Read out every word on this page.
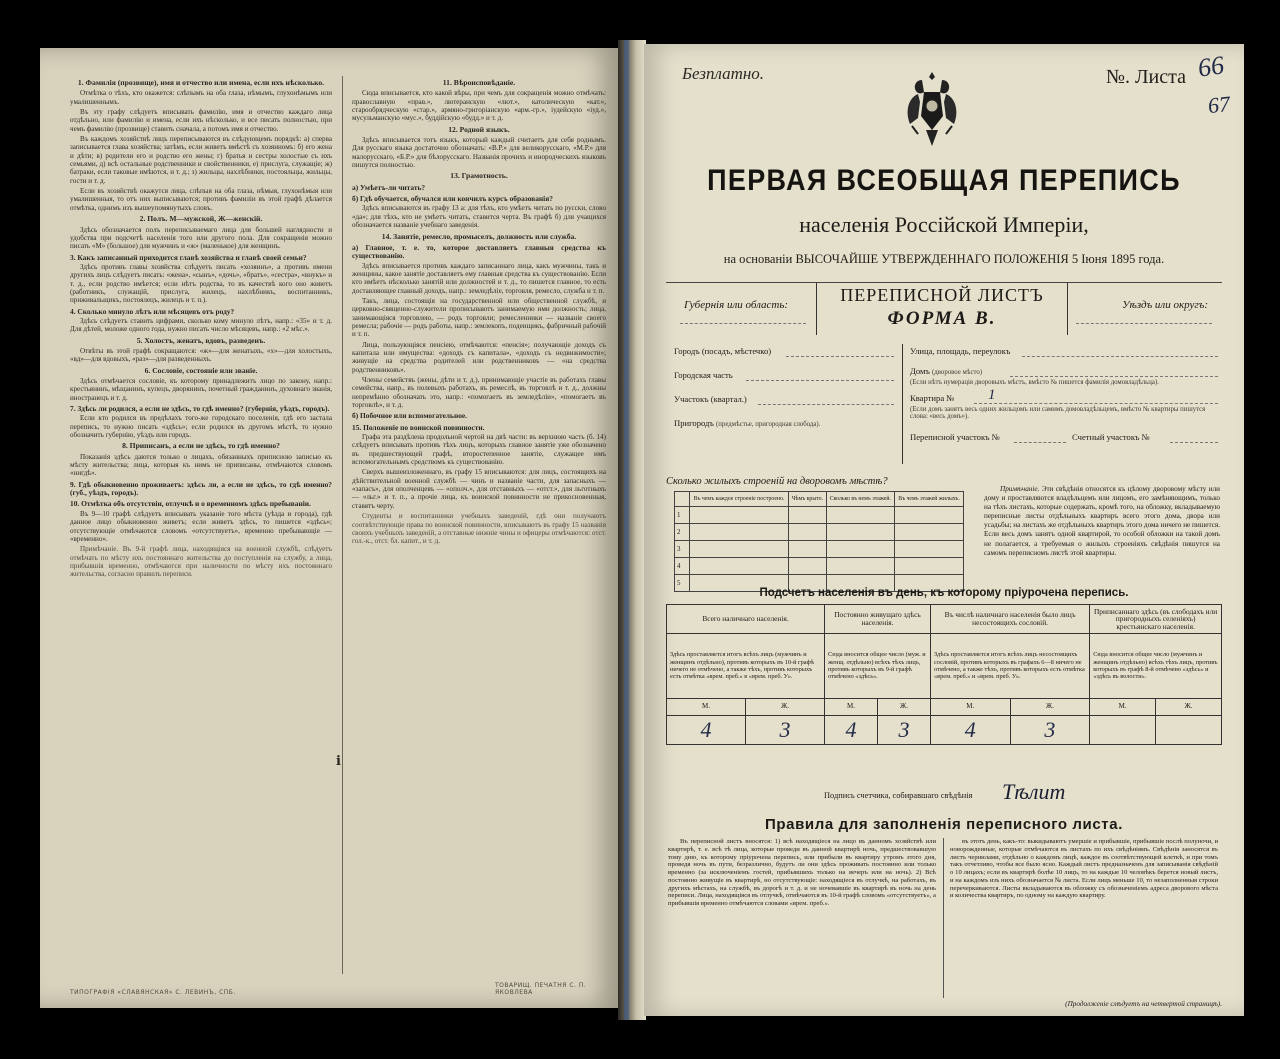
1. Фамилія (прозвище), имя и отчество или имена, если ихъ нѣсколько.

Отмѣтка о тѣхъ, кто окажется: слѣпымъ на оба глаза, нѣмымъ, глухонѣмымъ или умалишеннымъ.

Въ эту графу слѣдуетъ вписывать фамилію, имя и отчество каждаго лица отдѣльно, или фамилію и имена, если ихъ нѣсколько, и все писать полностью, при чемъ фамилію (прозвище) ставить сначала, а потомъ имя и отчество.

Въ каждомъ хозяйствѣ лицъ переписываются въ слѣдующемъ порядкѣ: а) сперва записывается глава хозяйства; затѣмъ, если живетъ вмѣстѣ съ хозяиномъ: б) его жена и дѣти; в) родители его и родство его жены; г) братья и сестры холостые съ ихъ семьями, д) всѣ остальные родственники и свойственники, е) прислуга, служащіе; ж) батраки, если таковые имѣются, и т. д.; з) жильцы, нахлѣбники, постояльцы, жильцы, гости и т. д.

Если въ хозяйствѣ окажутся лица, слѣпыя на оба глаза, нѣмыя, глухонѣмыя или умалишенныя, то отъ них выписываются; противъ фамиліи въ этой графѣ дѣлается отмѣтка, однимъ изъ вышеупомянутыхъ словъ.

2. Полъ. М—мужской, Ж—женскій.

Здѣсь обозначается полъ переписываемаго лица для большей наглядности и удобства при подсчетѣ населенія того или другого пола. Для сокращенія можно писать «М» (большое) для мужчинъ и «ж» (маленькое) для женщинъ.

3. Какъ записанный приходится главѣ хозяйства и главѣ своей семьи?

Здѣсь противъ главы хозяйства слѣдуетъ писать «хозяинъ», а противъ имени другихъ лицъ слѣдуетъ писать: «жена», «сынъ», «дочь», «братъ», «сестра», «внукъ» и т. д., если родство имѣется; если нѣтъ родства, то въ качествѣ кого оно живетъ (работникъ, служащій, прислуга, жилецъ, нахлѣбникъ, воспитанникъ, приживальщикъ, постоялецъ, жилецъ и т. п.).

4. Сколько минуло лѣтъ или мѣсяцевъ отъ роду?

Здѣсь слѣдуетъ ставить цифрами, сколько кому минуло лѣтъ, напр.: «35» и т. д. Для дѣтей, моложе одного года, нужно писать число мѣсяцевъ, напр.: «2 мѣс.».

5. Холостъ, женатъ, вдовъ, разведенъ.

Отвѣты въ этой графѣ сокращаются: «ж»—для женатыхъ, «х»—для холостыхъ, «вд»—для вдовыхъ, «раз»—для разведенныхъ.

6. Сословіе, состояніе или званіе.

Здѣсь отмѣчается сословіе, къ которому принадлежитъ лицо по закону, напр.: крестьянинъ, мѣщанинъ, купецъ, дворянинъ, почетный гражданинъ, духовнаго званія, иностранецъ и т. д.

7. Здѣсь ли родился, а если не здѣсь, то гдѣ именно? (губернія, уѣздъ, городъ).

Если кто родился въ предѣлахъ того-же городскаго поселенія, гдѣ его застала перепись, то нужно писать «здѣсь»; если родился въ другомъ мѣстѣ, то нужно обозначить губернію, уѣздъ или городъ.

8. Приписанъ, а если не здѣсь, то гдѣ именно?

Показанія здѣсь даются только о лицахъ, обязанныхъ приписною записью къ мѣсту жительства; лица, которыя къ нимъ не приписаны, отмѣчаются словомъ «нигдѣ».

9. Гдѣ обыкновенно проживаетъ: здѣсь ли, а если не здѣсь, то гдѣ именно? (губ., уѣздъ, городъ).
10. Отмѣтка объ отсутствіи, отлучкѣ и о временномъ здѣсь пребываніи.

Въ 9—10 графѣ слѣдуетъ вписывать указаніе того мѣста (уѣзда и города), гдѣ данное лицо обыкновенно живетъ; если живетъ здѣсь, то пишется «здѣсь»; отсутствующіе отмѣчаются словомъ «отсутствуетъ», временно пребывающіе — «временно».

Примѣчаніе. Въ 9-й графѣ лица, находящіяся на военной службѣ, слѣдуетъ отмѣчать по мѣсту ихъ постояннаго жительства до поступленія на службу, а лица, прибывшія временно, отмѣчаются при наличности по мѣсту ихъ постояннаго жительства, согласно правилъ переписи.

11. Вѣроисповѣданіе.

Сюда вписывается, кто какой вѣры, при чемъ для сокращенія можно отмѣчать: православную «прав.», лютеранскую «лют.», католическую «кат.», старообрядческую «стар.», армяно-григоріанскую «арм.-гр.», іудейскую «іуд.», мусульманскую «мус.», буддійскую «будд.» и т. д.

12. Родной языкъ.

Здѣсь вписывается тотъ языкъ, который каждый считаетъ для себя роднымъ. Для русскаго языка достаточно обозначать: «В.Р.» для великорусскаго, «М.Р.» для малорусскаго, «Б.Р.» для бѣлорусскаго. Названія прочихъ и инородческихъ языковъ пишутся полностью.

13. Грамотность.
а) Умѣетъ-ли читать?
б) Гдѣ обучается, обучался или кончилъ курсъ образованія?

Здѣсь вписываются въ графу 13 а: для тѣхъ, кто умѣетъ читать по русски, слово «да»; для тѣхъ, кто не умѣетъ читать, ставится черта. Въ графѣ б) для учащихся обозначается названіе учебнаго заведенія.

14. Занятіе, ремесло, промыселъ, должность или служба.
а) Главное, т. е. то, которое доставляетъ главныя средства къ существованію.

Здѣсь вписывается противъ каждаго записаннаго лица, какъ мужчины, такъ и женщины, какое занятіе доставляетъ ему главныя средства къ существованію. Если кто имѣетъ нѣсколько занятій или должностей и т. д., то пишется главное, то есть доставляющее главный доходъ, напр.: земледѣліе, торговля, ремесло, служба и т. п.

Такъ, лица, состоящія на государственной или общественной службѣ, и церковно-священно-служители прописываютъ занимаемую ими должность; лица, занимающіяся торговлею, — родъ торговли; ремесленники — названіе своего ремесла; рабочіе — родъ работы, напр.: землекопъ, поденщикъ, фабричный рабочій и т. п.

Лица, пользующіяся пенсіею, отмѣчаются: «пенсія»; получающіе доходъ съ капитала или имущества: «доходъ съ капитала», «доходъ съ недвижимости»; живущіе на средства родителей или родственниковъ — «на средства родственниковъ».

Члены семействъ (жены, дѣти и т. д.), принимающіе участіе въ работахъ главы семейства, напр., въ полевыхъ работахъ, въ ремеслѣ, въ торговлѣ и т. д., должны непремѣнно обозначать это, напр.: «помогаетъ въ земледѣліи», «помогаетъ въ торговлѣ», и т. д.

б) Побочное или вспомогательное.
15. Положеніе по воинской повинности.

Графа эта раздѣлена продольной чертой на двѣ части: въ верхнюю часть (б. 14) слѣдуетъ вписывать противъ тѣхъ лицъ, которыхъ главное занятіе уже обозначено въ предшествующей графѣ, второстепенное занятіе, служащее имъ вспомогательнымъ средствомъ къ существованію.

Сверхъ вышеизложеннаго, въ графу 15 вписываются: для лицъ, состоящихъ на дѣйствительной военной службѣ — чинъ и названіе части, для запасныхъ — «запасъ», для ополченцевъ — «ополч.», для отставныхъ — «отст.», для льготныхъ — «льг.» и т. п., а прочіе лица, къ воинской повинности не прикосновенныя, ставятъ черту.

Студенты и воспитанники учебныхъ заведеній, гдѣ они получаютъ соотвѣтствующіе права по воинской повинности, вписываютъ въ графу 15 названія своихъ учебныхъ заведеній, а отставные нижніе чины и офицеры отмѣчаются: отст. гол.-к., отст. бл. капит., и т. д.

ⅰ
ТИПОГРАФІЯ «СЛАВЯНСКАЯ» С. ЛЕВИНЪ, СПБ.
ТОВАРИЩ. ПЕЧАТНЯ С. П. ЯКОВЛЕВА
Безплатно.	№. Листа 66
67
ПЕРВАЯ ВСЕОБЩАЯ ПЕРЕПИСЬ
населенія Россійской Имперіи,
на основаніи ВЫСОЧАЙШЕ УТВЕРЖДЕННАГО ПОЛОЖЕНІЯ 5 Іюня 1895 года.
Губернія или область:	ПЕРЕПИСНОЙ ЛИСТЪ
ФОРМА В.
Уѣздъ или округъ:
Городъ (посадъ, мѣстечко)
Городская часть
Участокъ (квартал.)
Пригородъ (предмѣстье, пригородная слобода).
Улица, площадь, переулокъ
Домъ (дворовое мѣсто)
(Если нѣтъ нумерація дворовыхъ мѣстъ, вмѣсто № пишется фамилія домовладѣльца).
Квартира № 1
(Если домъ занятъ весь одних жильцомъ или самимъ домовладѣльцемъ, вмѣсто № квартиры пишутся слова: «весь домъ»).
Переписной участокъ №	Счетный участокъ №
Сколько жилыхъ строеній на дворовомъ мѣстѣ?
	Въ чемъ каждое строеніе построено.	Чѣмъ крыто.	Сколько въ немъ этажей.	Въ чемъ этажей жилыхъ.
1				
2				
3				
4				
5				

Примѣчаніе. Эти свѣдѣнія относятся къ цѣлому дворовому мѣсту или дому и проставляются владѣльцемъ или лицомъ, его замѣняющимъ, только на тѣхъ листахъ, которые содержать, кромѣ того, на обложку, вкладываемую переписные листы отдѣльныхъ квартиръ всего этого дома, двора или усадьбы; на листахъ же отдѣльныхъ квартиръ этого дома ничего не пишется. Если весь домъ занятъ одной квартирой, то особой обложки на такой домъ не полагается, а требуемыя о жилыхъ строеніяхъ свѣдѣнія пишутся на самомъ переписномъ листѣ этой квартиры.

Подсчетъ населенія въ день, къ которому пріурочена перепись.
Всего наличнаго населенія.		Постоянно живущаго здѣсь населенія.		Въ числѣ наличнаго населенія было лицъ несостоящихъ сословій.		Приписаннаго здѣсь (въ слободахъ или пригородныхъ селеніяхъ) крестьянскаго населенія.	
Здѣсь проставляется итогъ всѣхъ лицъ (мужчинъ и женщинъ отдѣльно), противъ которыхъ въ 10-й графѣ ничего не отмѣчено, а также тѣхъ, противъ которыхъ есть отмѣтка «врем. преб.» в «врем. преб. У».		Сюда вносится общее число (муж. и женщ. отдѣльно) всѣхъ тѣхъ лицъ, противъ которыхъ въ 9-й графѣ отмѣчено «здѣсь».		Здѣсь проставляется итогъ всѣхъ лицъ несостоящихъ сословій, противъ которыхъ въ графахъ 6—8 ничего не отмѣчено, а также тѣхъ, противъ которыхъ есть отмѣтка «врем. преб.» и «врем. преб. У».		Сюда вносится общее число (мужчинъ и женщинъ отдѣльно) всѣхъ тѣхъ лицъ, противъ которыхъ въ графѣ 8-й отмѣчено «здѣсь» и «здѣсь въ волости».	
М.	Ж.	М.	Ж.	М.	Ж.	М.	Ж.
4	3	4	3	4	3		
Подпись счетчика, собиравшаго свѣдѣнія Тѣлит
Правила для заполненія переписного листа.

Въ переписной листъ вносятся: 1) всѣ находящіеся на лицо въ данномъ хозяйствѣ или квартирѣ, т. е. всѣ тѣ лица, которые проведи въ данной квартирѣ ночь, предшествовавшую тому дню, къ которому пріурочена перепись, или прибыли въ квартиру утромъ этого дня, проведя ночь въ пути, безразлично, будутъ ли они здѣсь проживать постоянно или только временно (за исключеніемъ гостей, прибывшихъ только на вечеръ или на ночь). 2) Всѣ постоянно живущіе въ квартирѣ, но отсутствующіе: находящіеся въ отлучкѣ, на работахъ, въ другихъ мѣстахъ, на службѣ, въ дорогѣ и т. д. и не ночевавшіе въ квартирѣ въ ночь на день переписи. Лица, находящіяся въ отлучкѣ, отмѣчаются въ 10-й графѣ словомъ «отсутствуетъ», а прибывшія временно отмѣчаются словами «врем. преб.».

въ этотъ день, какъ-то: выкидываютъ умершіе и прибывшіе, прибывшіе послѣ полуночи, и новорожденные, которые отмѣчаются въ листахъ по ихъ свѣдѣніямъ. Свѣдѣнія заносятся въ листъ чернилами, отдѣльно о каждомъ лицѣ, каждое въ соотвѣтствующей клеткѣ, и при томъ такъ отчетливо, чтобы все было ясно. Каждый листъ предназначенъ для записыванія свѣдѣній о 10 лицахъ; если въ квартирѣ болѣе 10 лицъ, то на каждые 10 человѣкъ берется новый листъ, и на каждомъ изъ нихъ обозначается № листа. Если лицъ меньше 10, то незаполненныя строки перечеркиваются. Листы вкладываются въ обложку съ обозначеніемъ адреса дворового мѣста и количества квартиръ, по одному на каждую квартиру.

(Продолженіе слѣдуетъ на четвертой страницѣ).
